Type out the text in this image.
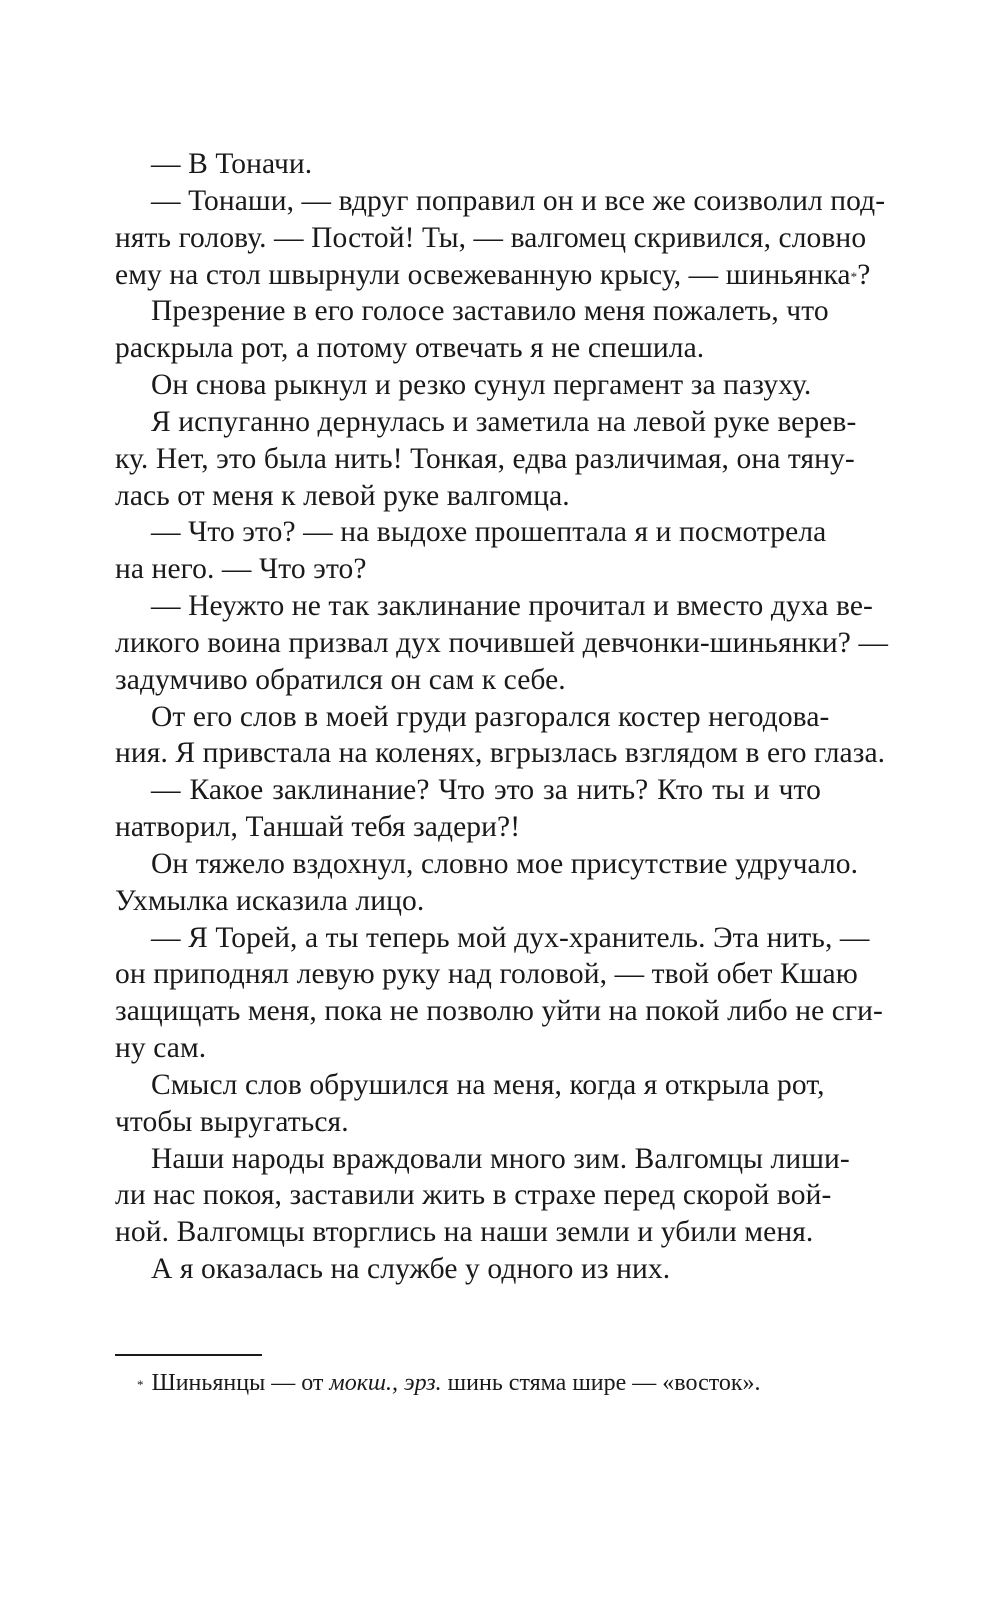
— В Тоначи.
— Тонаши, — вдруг поправил он и все же соизволил под-
нять голову. — Постой! Ты, — валгомец скривился, словно
ему на стол швырнули освежеванную крысу, — шиньянка*?
Презрение в его голосе заставило меня пожалеть, что
раскрыла рот, а потому отвечать я не спешила.
Он снова рыкнул и резко сунул пергамент за пазуху.
Я испуганно дернулась и заметила на левой руке верев-
ку. Нет, это была нить! Тонкая, едва различимая, она тяну-
лась от меня к левой руке валгомца.
— Что это? — на выдохе прошептала я и посмотрела
на него. — Что это?
— Неужто не так заклинание прочитал и вместо духа ве-
ликого воина призвал дух почившей девчонки-шиньянки? —
задумчиво обратился он сам к себе.
От его слов в моей груди разгорался костер негодова-
ния. Я привстала на коленях, вгрызлась взглядом в его глаза.
— Какое заклинание? Что это за нить? Кто ты и что
натворил, Таншай тебя задери?!
Он тяжело вздохнул, словно мое присутствие удручало.
Ухмылка исказила лицо.
— Я Торей, а ты теперь мой дух-хранитель. Эта нить, —
он приподнял левую руку над головой, — твой обет Кшаю
защищать меня, пока не позволю уйти на покой либо не сги-
ну сам.
Смысл слов обрушился на меня, когда я открыла рот,
чтобы выругаться.
Наши народы враждовали много зим. Валгомцы лиши-
ли нас покоя, заставили жить в страхе перед скорой вой-
ной. Валгомцы вторглись на наши земли и убили меня.
А я оказалась на службе у одного из них.
* Шиньянцы — от мокш., эрз. шинь стяма шире — «восток».
